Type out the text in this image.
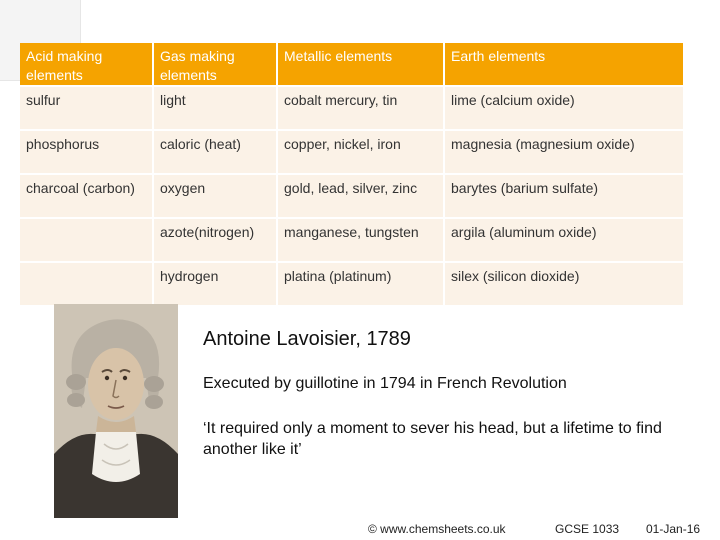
Acid making elements	Gas making elements	Metallic elements	Earth elements
sulfur	light	cobalt mercury, tin	lime (calcium oxide)
phosphorus	caloric (heat)	copper, nickel, iron	magnesia (magnesium oxide)
charcoal (carbon)	oxygen	gold, lead, silver, zinc	barytes (barium sulfate)
	azote(nitrogen)	manganese, tungsten	argila (aluminum oxide)
	hydrogen	platina (platinum)	silex (silicon dioxide)
Antoine Lavoisier, 1789
Executed by guillotine in 1794 in French Revolution
‘It required only a moment to sever his head, but a lifetime to find another like it’
© www.chemsheets.co.uk	GCSE 1033 01-Jan-16
